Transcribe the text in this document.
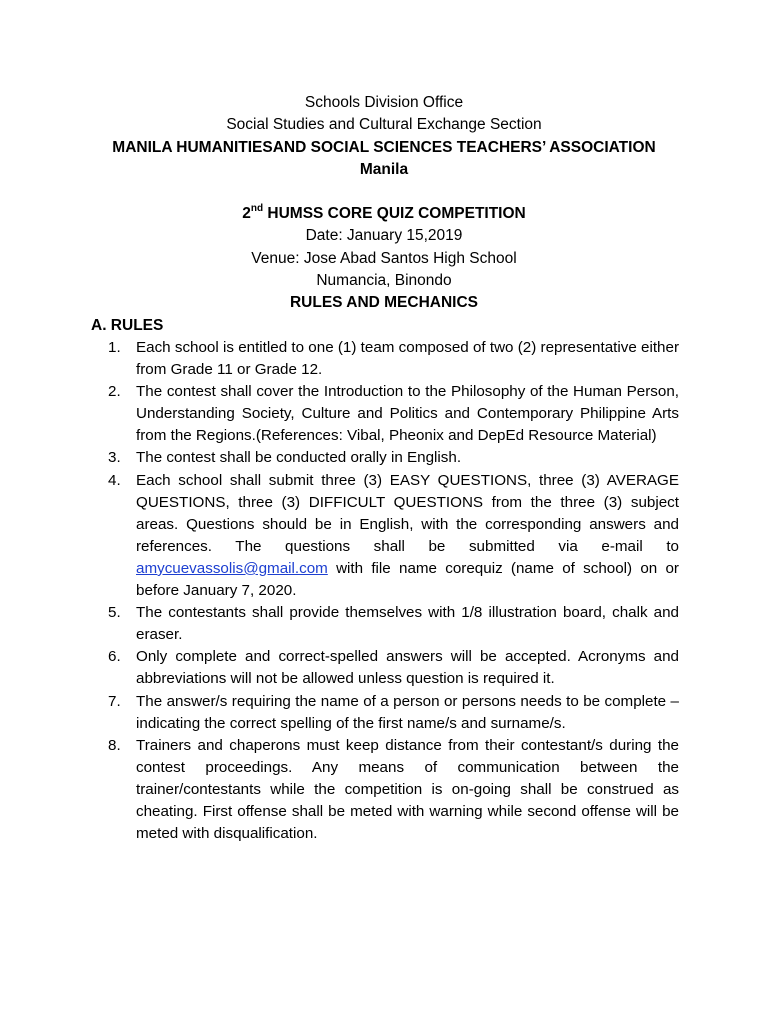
Schools Division Office
Social Studies and Cultural Exchange Section
MANILA HUMANITIESAND SOCIAL SCIENCES TEACHERS’ ASSOCIATION
Manila
2nd HUMSS CORE QUIZ COMPETITION
Date: January 15,2019
Venue: Jose Abad Santos High School
Numancia, Binondo
RULES AND MECHANICS
A. RULES
1. Each school is entitled to one (1) team composed of two (2) representative either from Grade 11 or Grade 12.
2. The contest shall cover the Introduction to the Philosophy of the Human Person, Understanding Society, Culture and Politics and Contemporary Philippine Arts from the Regions.(References: Vibal, Pheonix and DepEd Resource Material)
3. The contest shall be conducted orally in English.
4. Each school shall submit three (3) EASY QUESTIONS, three (3) AVERAGE QUESTIONS, three (3) DIFFICULT QUESTIONS from the three (3) subject areas. Questions should be in English, with the corresponding answers and references. The questions shall be submitted via e-mail to amycuevassolis@gmail.com with file name corequiz (name of school) on or before January 7, 2020.
5. The contestants shall provide themselves with 1/8 illustration board, chalk and eraser.
6. Only complete and correct-spelled answers will be accepted. Acronyms and abbreviations will not be allowed unless question is required it.
7. The answer/s requiring the name of a person or persons needs to be complete – indicating the correct spelling of the first name/s and surname/s.
8. Trainers and chaperons must keep distance from their contestant/s during the contest proceedings. Any means of communication between the trainer/contestants while the competition is on-going shall be construed as cheating. First offense shall be meted with warning while second offense will be meted with disqualification.
